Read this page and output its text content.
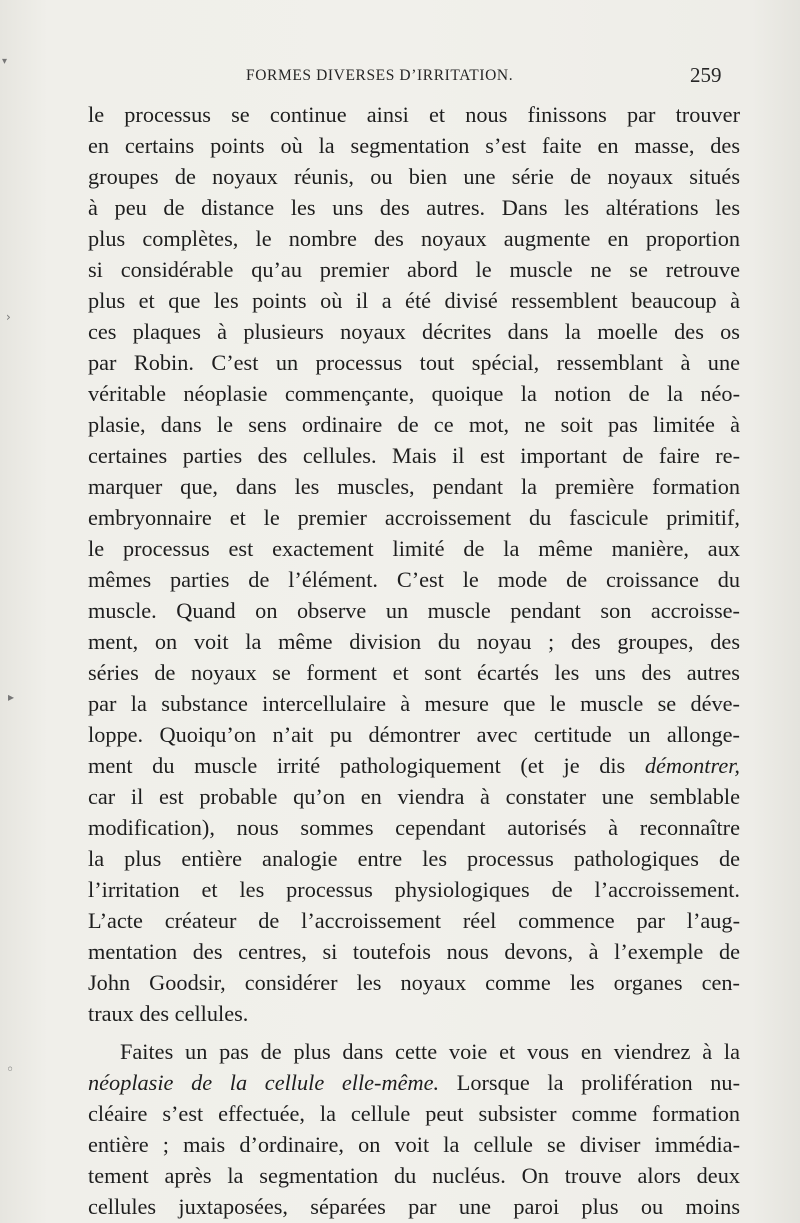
FORMES DIVERSES D’IRRITATION.	259
▾
›
▸
◦
le processus se continue ainsi et nous finissons par trouver
en certains points où la segmentation s’est faite en masse, des
groupes de noyaux réunis, ou bien une série de noyaux situés
à peu de distance les uns des autres. Dans les altérations les
plus complètes, le nombre des noyaux augmente en proportion
si considérable qu’au premier abord le muscle ne se retrouve
plus et que les points où il a été divisé ressemblent beaucoup à
ces plaques à plusieurs noyaux décrites dans la moelle des os
par Robin. C’est un processus tout spécial, ressemblant à une
véritable néoplasie commençante, quoique la notion de la néo-
plasie, dans le sens ordinaire de ce mot, ne soit pas limitée à
certaines parties des cellules. Mais il est important de faire re-
marquer que, dans les muscles, pendant la première formation
embryonnaire et le premier accroissement du fascicule primitif,
le processus est exactement limité de la même manière, aux
mêmes parties de l’élément. C’est le mode de croissance du
muscle. Quand on observe un muscle pendant son accroisse-
ment, on voit la même division du noyau ; des groupes, des
séries de noyaux se forment et sont écartés les uns des autres
par la substance intercellulaire à mesure que le muscle se déve-
loppe. Quoiqu’on n’ait pu démontrer avec certitude un allonge-
ment du muscle irrité pathologiquement (et je dis démontrer,
car il est probable qu’on en viendra à constater une semblable
modification), nous sommes cependant autorisés à reconnaître
la plus entière analogie entre les processus pathologiques de
l’irritation et les processus physiologiques de l’accroissement.
L’acte créateur de l’accroissement réel commence par l’aug-
mentation des centres, si toutefois nous devons, à l’exemple de
John Goodsir, considérer les noyaux comme les organes cen-
traux des cellules.
Faites un pas de plus dans cette voie et vous en viendrez à la
néoplasie de la cellule elle-même. Lorsque la prolifération nu-
cléaire s’est effectuée, la cellule peut subsister comme formation
entière ; mais d’ordinaire, on voit la cellule se diviser immédia-
tement après la segmentation du nucléus. On trouve alors deux
cellules juxtaposées, séparées par une paroi plus ou moins
